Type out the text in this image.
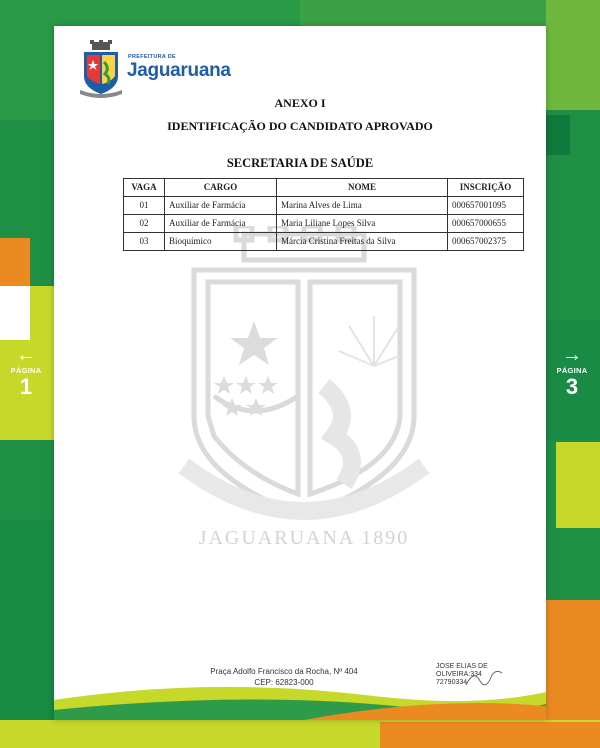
←
PÁGINA
1
→
PÁGINA
3
PREFEITURA DE
Jaguaruana
ANEXO I
IDENTIFICAÇÃO DO CANDIDATO APROVADO
SECRETARIA DE SAÚDE
JAGUARUANA 1890
VAGA	CARGO	NOME	INSCRIÇÃO
01	Auxiliar de Farmácia	Marina Alves de Lima	000657001095
02	Auxiliar de Farmácia	Maria Liliane Lopes Silva	000657000655
03	Bioquímico	Márcia Cristina Freitas da Silva	000657002375
Praça Adolfo Francisco da Rocha, Nº 404
CEP: 62823-000
JOSE ELIAS DE
OLIVEIRA:334
72790334
